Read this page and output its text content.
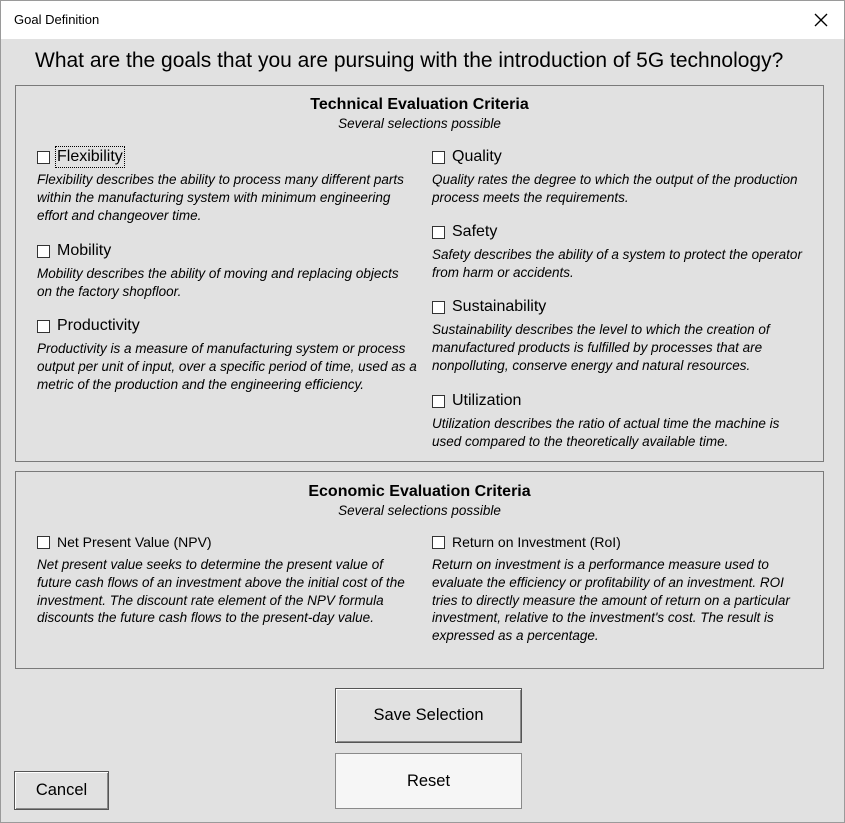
Goal Definition
What are the goals that you are pursuing with the introduction of 5G technology?
Technical Evaluation Criteria
Several selections possible
Flexibility
Flexibility describes the ability to process many different parts within the manufacturing system with minimum engineering effort and changeover time.
Mobility
Mobility describes the ability of moving and replacing objects on the factory shopfloor.
Productivity
Productivity is a measure of manufacturing system or process output per unit of input, over a specific period of time, used as a metric of the production and the engineering efficiency.
Quality
Quality rates the degree to which the output of the production process meets the requirements.
Safety
Safety describes the ability of a system to protect the operator from harm or accidents.
Sustainability
Sustainability describes the level to which the creation of manufactured products is fulfilled by processes that are nonpolluting, conserve energy and natural resources.
Utilization
Utilization describes the ratio of actual time the machine is used compared to the theoretically available time.
Economic Evaluation Criteria
Several selections possible
Net Present Value (NPV)
Net present value seeks to determine the present value of future cash flows of an investment above the initial cost of the investment. The discount rate element of the NPV formula discounts the future cash flows to the present-day value.
Return on Investment (RoI)
Return on investment is a performance measure used to evaluate the efficiency or profitability of an investment. ROI tries to directly measure the amount of return on a particular investment, relative to the investment's cost. The result is expressed as a percentage.
Save Selection
Reset
Cancel
